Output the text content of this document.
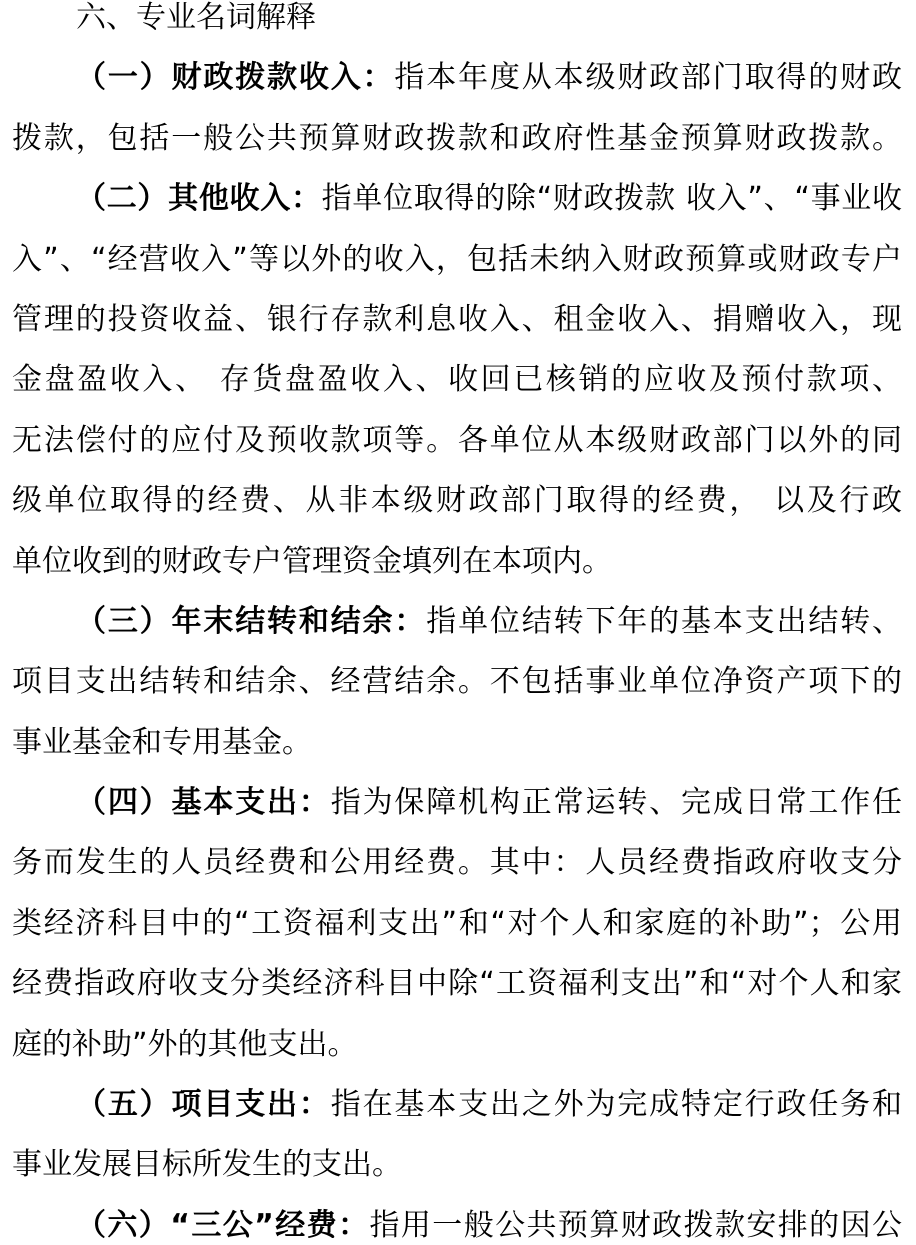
六、专业名词解释
（一）财政拨款收入：指本年度从本级财政部门取得的财政
拨款，包括一般公共预算财政拨款和政府性基金预算财政拨款。
（二）其他收入：指单位取得的除“财政拨款 收入”、“事业收
入”、“经营收入”等以外的收入，包括未纳入财政预算或财政专户
管理的投资收益、银行存款利息收入、租金收入、捐赠收入，现
金盘盈收入、 存货盘盈收入、收回已核销的应收及预付款项、
无法偿付的应付及预收款项等。各单位从本级财政部门以外的同
级单位取得的经费、从非本级财政部门取得的经费， 以及行政
单位收到的财政专户管理资金填列在本项内。
（三）年末结转和结余：指单位结转下年的基本支出结转、
项目支出结转和结余、经营结余。不包括事业单位净资产项下的
事业基金和专用基金。
（四）基本支出：指为保障机构正常运转、完成日常工作任
务而发生的人员经费和公用经费。其中：人员经费指政府收支分
类经济科目中的“工资福利支出”和“对个人和家庭的补助”；公用
经费指政府收支分类经济科目中除“工资福利支出”和“对个人和家
庭的补助”外的其他支出。
（五）项目支出：指在基本支出之外为完成特定行政任务和
事业发展目标所发生的支出。
（六）“三公”经费：指用一般公共预算财政拨款安排的因公
